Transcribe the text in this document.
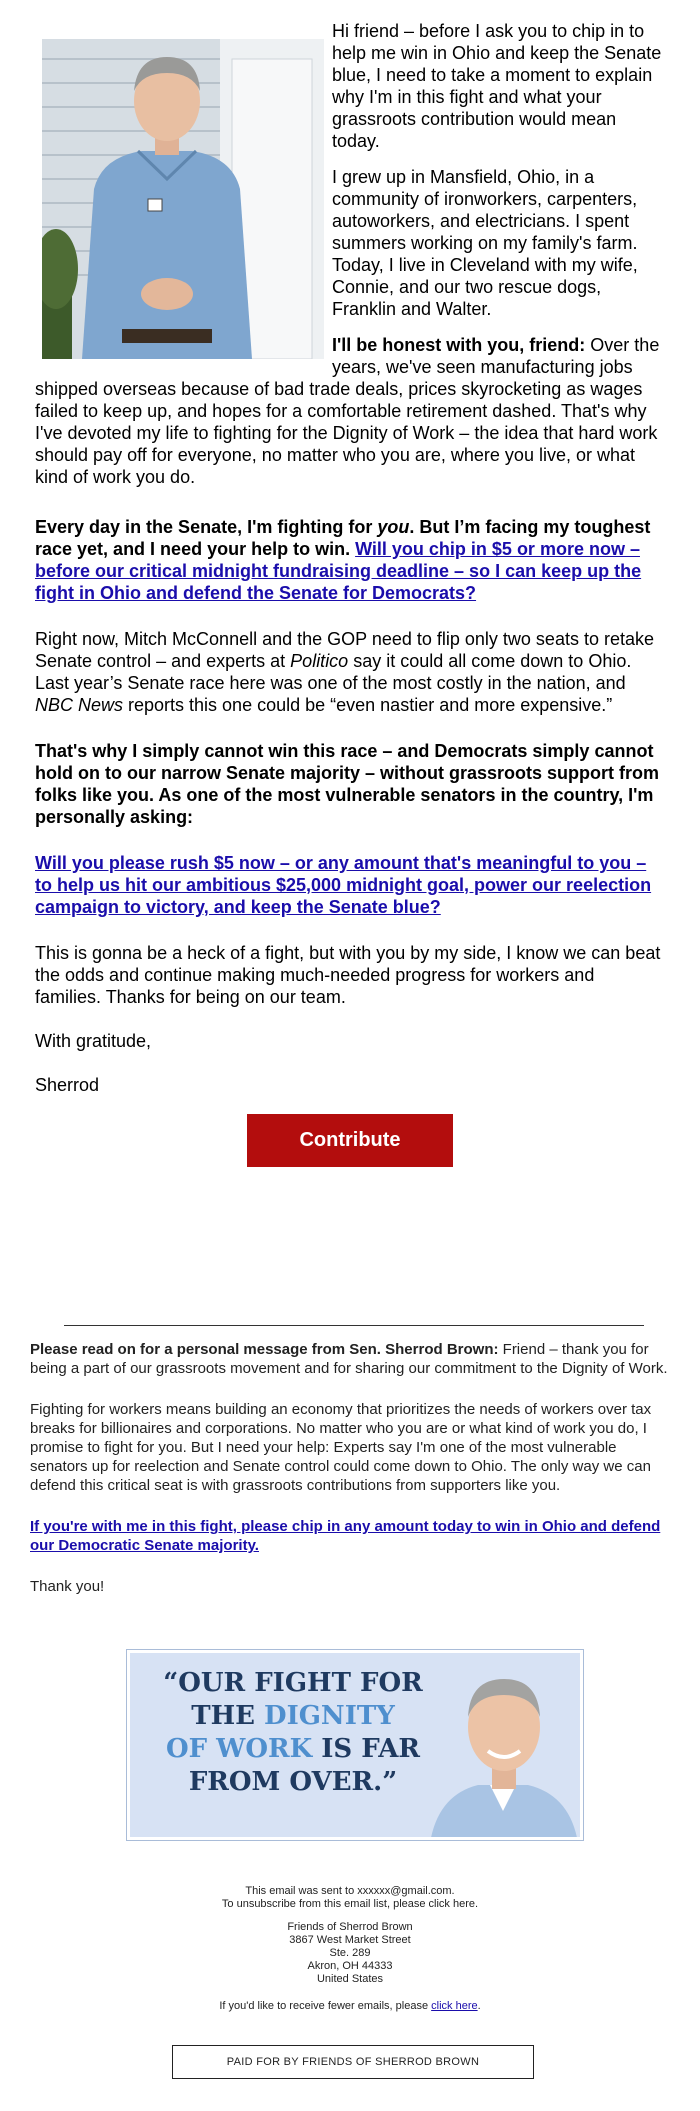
Hi friend – before I ask you to chip in to help me win in Ohio and keep the Senate blue, I need to take a moment to explain why I'm in this fight and what your grassroots contribution would mean today.

I grew up in Mansfield, Ohio, in a community of ironworkers, carpenters, autoworkers, and electricians. I spent summers working on my family's farm. Today, I live in Cleveland with my wife, Connie, and our two rescue dogs, Franklin and Walter.

I'll be honest with you, friend: Over the years, we've seen manufacturing jobs shipped overseas because of bad trade deals, prices skyrocketing as wages failed to keep up, and hopes for a comfortable retirement dashed. That's why I've devoted my life to fighting for the Dignity of Work – the idea that hard work should pay off for everyone, no matter who you are, where you live, or what kind of work you do.

Every day in the Senate, I'm fighting for you. But I’m facing my toughest race yet, and I need your help to win. Will you chip in $5 or more now – before our critical midnight fundraising deadline – so I can keep up the fight in Ohio and defend the Senate for Democrats?

Right now, Mitch McConnell and the GOP need to flip only two seats to retake Senate control – and experts at Politico say it could all come down to Ohio. Last year’s Senate race here was one of the most costly in the nation, and NBC News reports this one could be “even nastier and more expensive.”

That's why I simply cannot win this race – and Democrats simply cannot hold on to our narrow Senate majority – without grassroots support from folks like you. As one of the most vulnerable senators in the country, I'm personally asking:

Will you please rush $5 now – or any amount that's meaningful to you – to help us hit our ambitious $25,000 midnight goal, power our reelection campaign to victory, and keep the Senate blue?

This is gonna be a heck of a fight, but with you by my side, I know we can beat the odds and continue making much-needed progress for workers and families. Thanks for being on our team.

With gratitude,

Sherrod

Contribute

Please read on for a personal message from Sen. Sherrod Brown: Friend – thank you for being a part of our grassroots movement and for sharing our commitment to the Dignity of Work.

Fighting for workers means building an economy that prioritizes the needs of workers over tax breaks for billionaires and corporations. No matter who you are or what kind of work you do, I promise to fight for you. But I need your help: Experts say I'm one of the most vulnerable senators up for reelection and Senate control could come down to Ohio. The only way we can defend this critical seat is with grassroots contributions from supporters like you.

If you're with me in this fight, please chip in any amount today to win in Ohio and defend our Democratic Senate majority.

Thank you!

“OUR FIGHT FOR
THE DIGNITY
OF WORK IS FAR
FROM OVER.”

This email was sent to xxxxxx@gmail.com.
To unsubscribe from this email list, please click here.

Friends of Sherrod Brown
3867 West Market Street
Ste. 289
Akron, OH 44333
United States

If you'd like to receive fewer emails, please click here.

PAID FOR BY FRIENDS OF SHERROD BROWN
